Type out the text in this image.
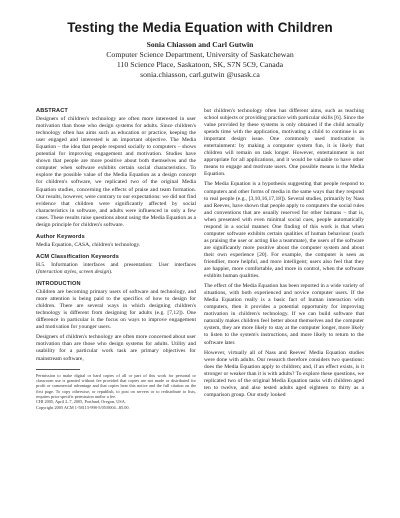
Testing the Media Equation with Children
Sonia Chiasson and Carl Gutwin
Computer Science Department, University of Saskatchewan
110 Science Place, Saskatoon, SK, S7N 5C9, Canada
sonia.chiasson, carl.gutwin @usask.ca
ABSTRACT

Designers of children's technology are often more interested in user motivation than those who design systems for adults. Since children's technology often has aims such as education or practice, keeping the user engaged and interested is an important objective. The Media Equation – the idea that people respond socially to computers – shows potential for improving engagement and motivation. Studies have shown that people are more positive about both themselves and the computer when software exhibits certain social characteristics. To explore the possible value of the Media Equation as a design concept for children's software, we replicated two of the original Media Equation studies, concerning the effects of praise and team formation. Our results, however, were contrary to our expectations: we did not find evidence that children were significantly affected by social characteristics in software, and adults were influenced in only a few cases. These results raise questions about using the Media Equation as a design principle for children's software.

Author Keywords

Media Equation, CASA, children's technology.

ACM Classification Keywords

H.5. Information interfaces and presentation: User interfaces (Interaction styles, screen design).

INTRODUCTION

Children are becoming primary users of software and technology, and more attention is being paid to the specifics of how to design for children. There are several ways in which designing children's technology is different from designing for adults (e.g. [7,12]). One difference in particular is the focus on ways to improve engagement and motivation for younger users.

Designers of children's technology are often more concerned about user motivation than are those who design systems for adults. Utility and usability for a particular work task are primary objectives for mainstream software,

Permission to make digital or hard copies of all or part of this work for personal or classroom use is granted without fee provided that copies are not made or distributed for profit or commercial advantage and that copies bear this notice and the full citation on the first page. To copy otherwise, or republish, to post on servers or to redistribute to lists, requires prior specific permission and/or a fee.
CHI 2005, April 2–7, 2005, Portland, Oregon, USA.
Copyright 2005 ACM 1-58113-998-5/05/0004...$5.00.

but children's technology often has different aims, such as teaching school subjects or providing practice with particular skills [6]. Since the value provided by these systems is only obtained if the child actually spends time with the application, motivating a child to continue is an important design issue. One commonly used motivation is entertainment: by making a computer system fun, it is likely that children will remain on task longer. However, entertainment is not appropriate for all applications, and it would be valuable to have other means to engage and motivate users. One possible means is the Media Equation.

The Media Equation is a hypothesis suggesting that people respond to computers and other forms of media in the same ways that they respond to real people (e.g., [3,10,16,17,18]). Several studies, primarily by Nass and Reeves, have shown that people apply to computers the social rules and conventions that are usually reserved for other humans – that is, when presented with even minimal social cues, people automatically respond in a social manner. One finding of this work is that when computer software exhibits certain qualities of human behaviour (such as praising the user or acting like a teammate), the users of the software are significantly more positive about the computer system and about their own experience [20]. For example, the computer is seen as friendlier, more helpful, and more intelligent; users also feel that they are happier, more comfortable, and more in control, when the software exhibits human qualities.

The effect of the Media Equation has been reported in a wide variety of situations, with both experienced and novice computer users. If the Media Equation really is a basic fact of human interaction with computers, then it provides a potential opportunity for improving motivation in children's technology. If we can build software that naturally makes children feel better about themselves and the computer system, they are more likely to stay at the computer longer, more likely to listen to the system's instructions, and more likely to return to the software later.

However, virtually all of Nass and Reeves' Media Equation studies were done with adults. Our research therefore considers two questions: does the Media Equation apply to children; and, if an effect exists, is it stronger or weaker than it is with adults? To explore these questions, we replicated two of the original Media Equation tasks with children aged ten to twelve, and also tested adults aged eighteen to thirty as a comparison group. Our study looked
